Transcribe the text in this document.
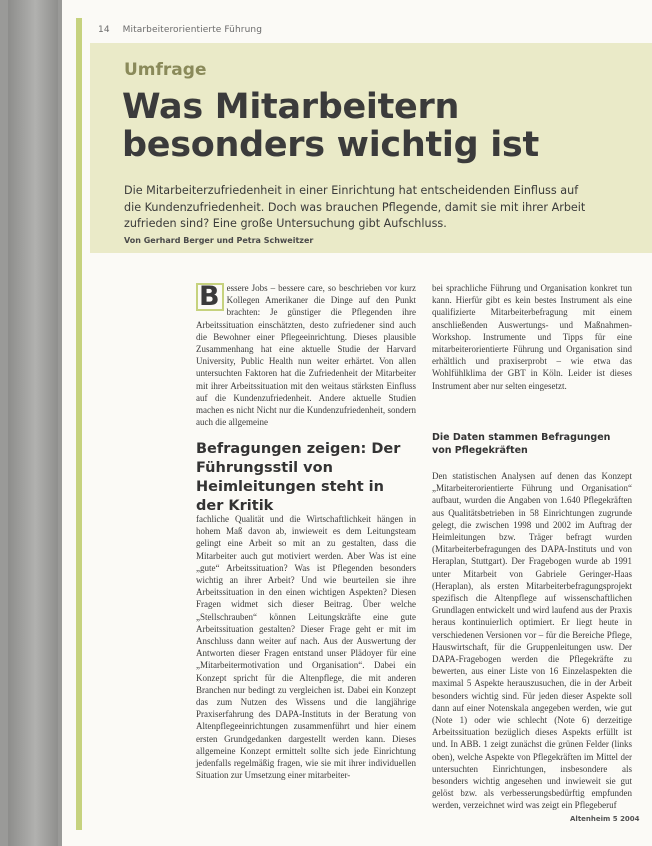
14 Mitarbeiterorientierte Führung
Umfrage
Was Mitarbeitern besonders wichtig ist
Die Mitarbeiterzufriedenheit in einer Einrichtung hat entscheidenden Einfluss auf die Kundenzufriedenheit. Doch was brauchen Pflegende, damit sie mit ihrer Arbeit zufrieden sind? Eine große Untersuchung gibt Aufschluss.
Von Gerhard Berger und Petra Schweitzer
B essere Jobs – bessere care, so beschrieben vor kurz Kollegen Amerikaner die Dinge auf den Punkt brachten: Je günstiger die Pflegenden ihre Arbeitssituation einschätzten, desto zufriedener sind auch die Bewohner einer Pflegeeinrichtung. Dieses plausible Zusammenhang hat eine aktuelle Studie der Harvard University, Public Health nun weiter erhärtet. Von allen untersuchten Faktoren hat die Zufriedenheit der Mitarbeiter mit ihrer Arbeitssituation mit den weitaus stärksten Einfluss auf die Kundenzufriedenheit. Andere aktuelle Studien machen es nicht Nicht nur die Kundenzufriedenheit, sondern auch die allgemeine
Befragungen zeigen: Der Führungsstil von Heimleitungen steht in der Kritik

fachliche Qualität und die Wirtschaftlichkeit hängen in hohem Maß davon ab, inwieweit es dem Leitungsteam gelingt eine Arbeit so mit an zu gestalten, dass die Mitarbeiter auch gut motiviert werden. Aber Was ist eine „gute“ Arbeitssituation? Was ist Pflegenden besonders wichtig an ihrer Arbeit? Und wie beurteilen sie ihre Arbeitssituation in den einen wichtigen Aspekten? Diesen Fragen widmet sich dieser Beitrag. Über welche „Stellschrauben“ können Leitungskräfte eine gute Arbeitssituation gestalten? Dieser Frage geht er mit im Anschluss dann weiter auf nach. Aus der Auswertung der Antworten dieser Fragen entstand unser Plädoyer für eine „Mitarbeitermotivation und Organisation“. Dabei ein Konzept spricht für die Altenpflege, die mit anderen Branchen nur bedingt zu vergleichen ist. Dabei ein Konzept das zum Nutzen des Wissens und die langjährige Praxiserfahrung des DAPA-Instituts in der Beratung von Altenpflegeeinrichtungen zusammenführt und hier einem ersten Grundgedanken dargestellt werden kann. Dieses allgemeine Konzept ermittelt sollte sich jede Einrichtung jedenfalls regelmäßig fragen, wie sie mit ihrer individuellen Situation zur Umsetzung einer mitarbeiter-

bei sprachliche Führung und Organisation konkret tun kann. Hierfür gibt es kein bestes Instrument als eine qualifizierte Mitarbeiterbefragung mit einem anschließenden Auswertungs- und Maßnahmen-Workshop. Instrumente und Tipps für eine mitarbeiterorientierte Führung und Organisation sind erhältlich und praxiserprobt – wie etwa das Wohlfühlklima der GBT in Köln. Leider ist dieses Instrument aber nur selten eingesetzt.

Die Daten stammen Befragungen von Pflegekräften

Den statistischen Analysen auf denen das Konzept „Mitarbeiterorientierte Führung und Organisation“ aufbaut, wurden die Angaben von 1.640 Pflegekräften aus Qualitätsbetrieben in 58 Einrichtungen zugrunde gelegt, die zwischen 1998 und 2002 im Auftrag der Heimleitungen bzw. Träger befragt wurden (Mitarbeiterbefragungen des DAPA-Instituts und von Heraplan, Stuttgart). Der Fragebogen wurde ab 1991 unter Mitarbeit von Gabriele Geringer-Haas (Heraplan), als ersten Mitarbeiterbefragungsprojekt spezifisch die Altenpflege auf wissenschaftlichen Grundlagen entwickelt und wird laufend aus der Praxis heraus kontinuierlich optimiert. Er liegt heute in verschiedenen Versionen vor – für die Bereiche Pflege, Hauswirtschaft, für die Gruppenleitungen usw. Der DAPA-Fragebogen werden die Pflegekräfte zu bewerten, aus einer Liste von 16 Einzelaspekten die maximal 5 Aspekte herauszusuchen, die in der Arbeit besonders wichtig sind. Für jeden dieser Aspekte soll dann auf einer Notenskala angegeben werden, wie gut (Note 1) oder wie schlecht (Note 6) derzeitige Arbeitssituation bezüglich dieses Aspekts erfüllt ist und. In ABB. 1 zeigt zunächst die grünen Felder (links oben), welche Aspekte von Pflegekräften im Mittel der untersuchten Einrichtungen, insbesondere als besonders wichtig angesehen und inwieweit sie gut gelöst bzw. als verbesserungsbedürftig empfunden werden, verzeichnet wird was zeigt ein Pflegeberuf

Altenheim 5 2004
